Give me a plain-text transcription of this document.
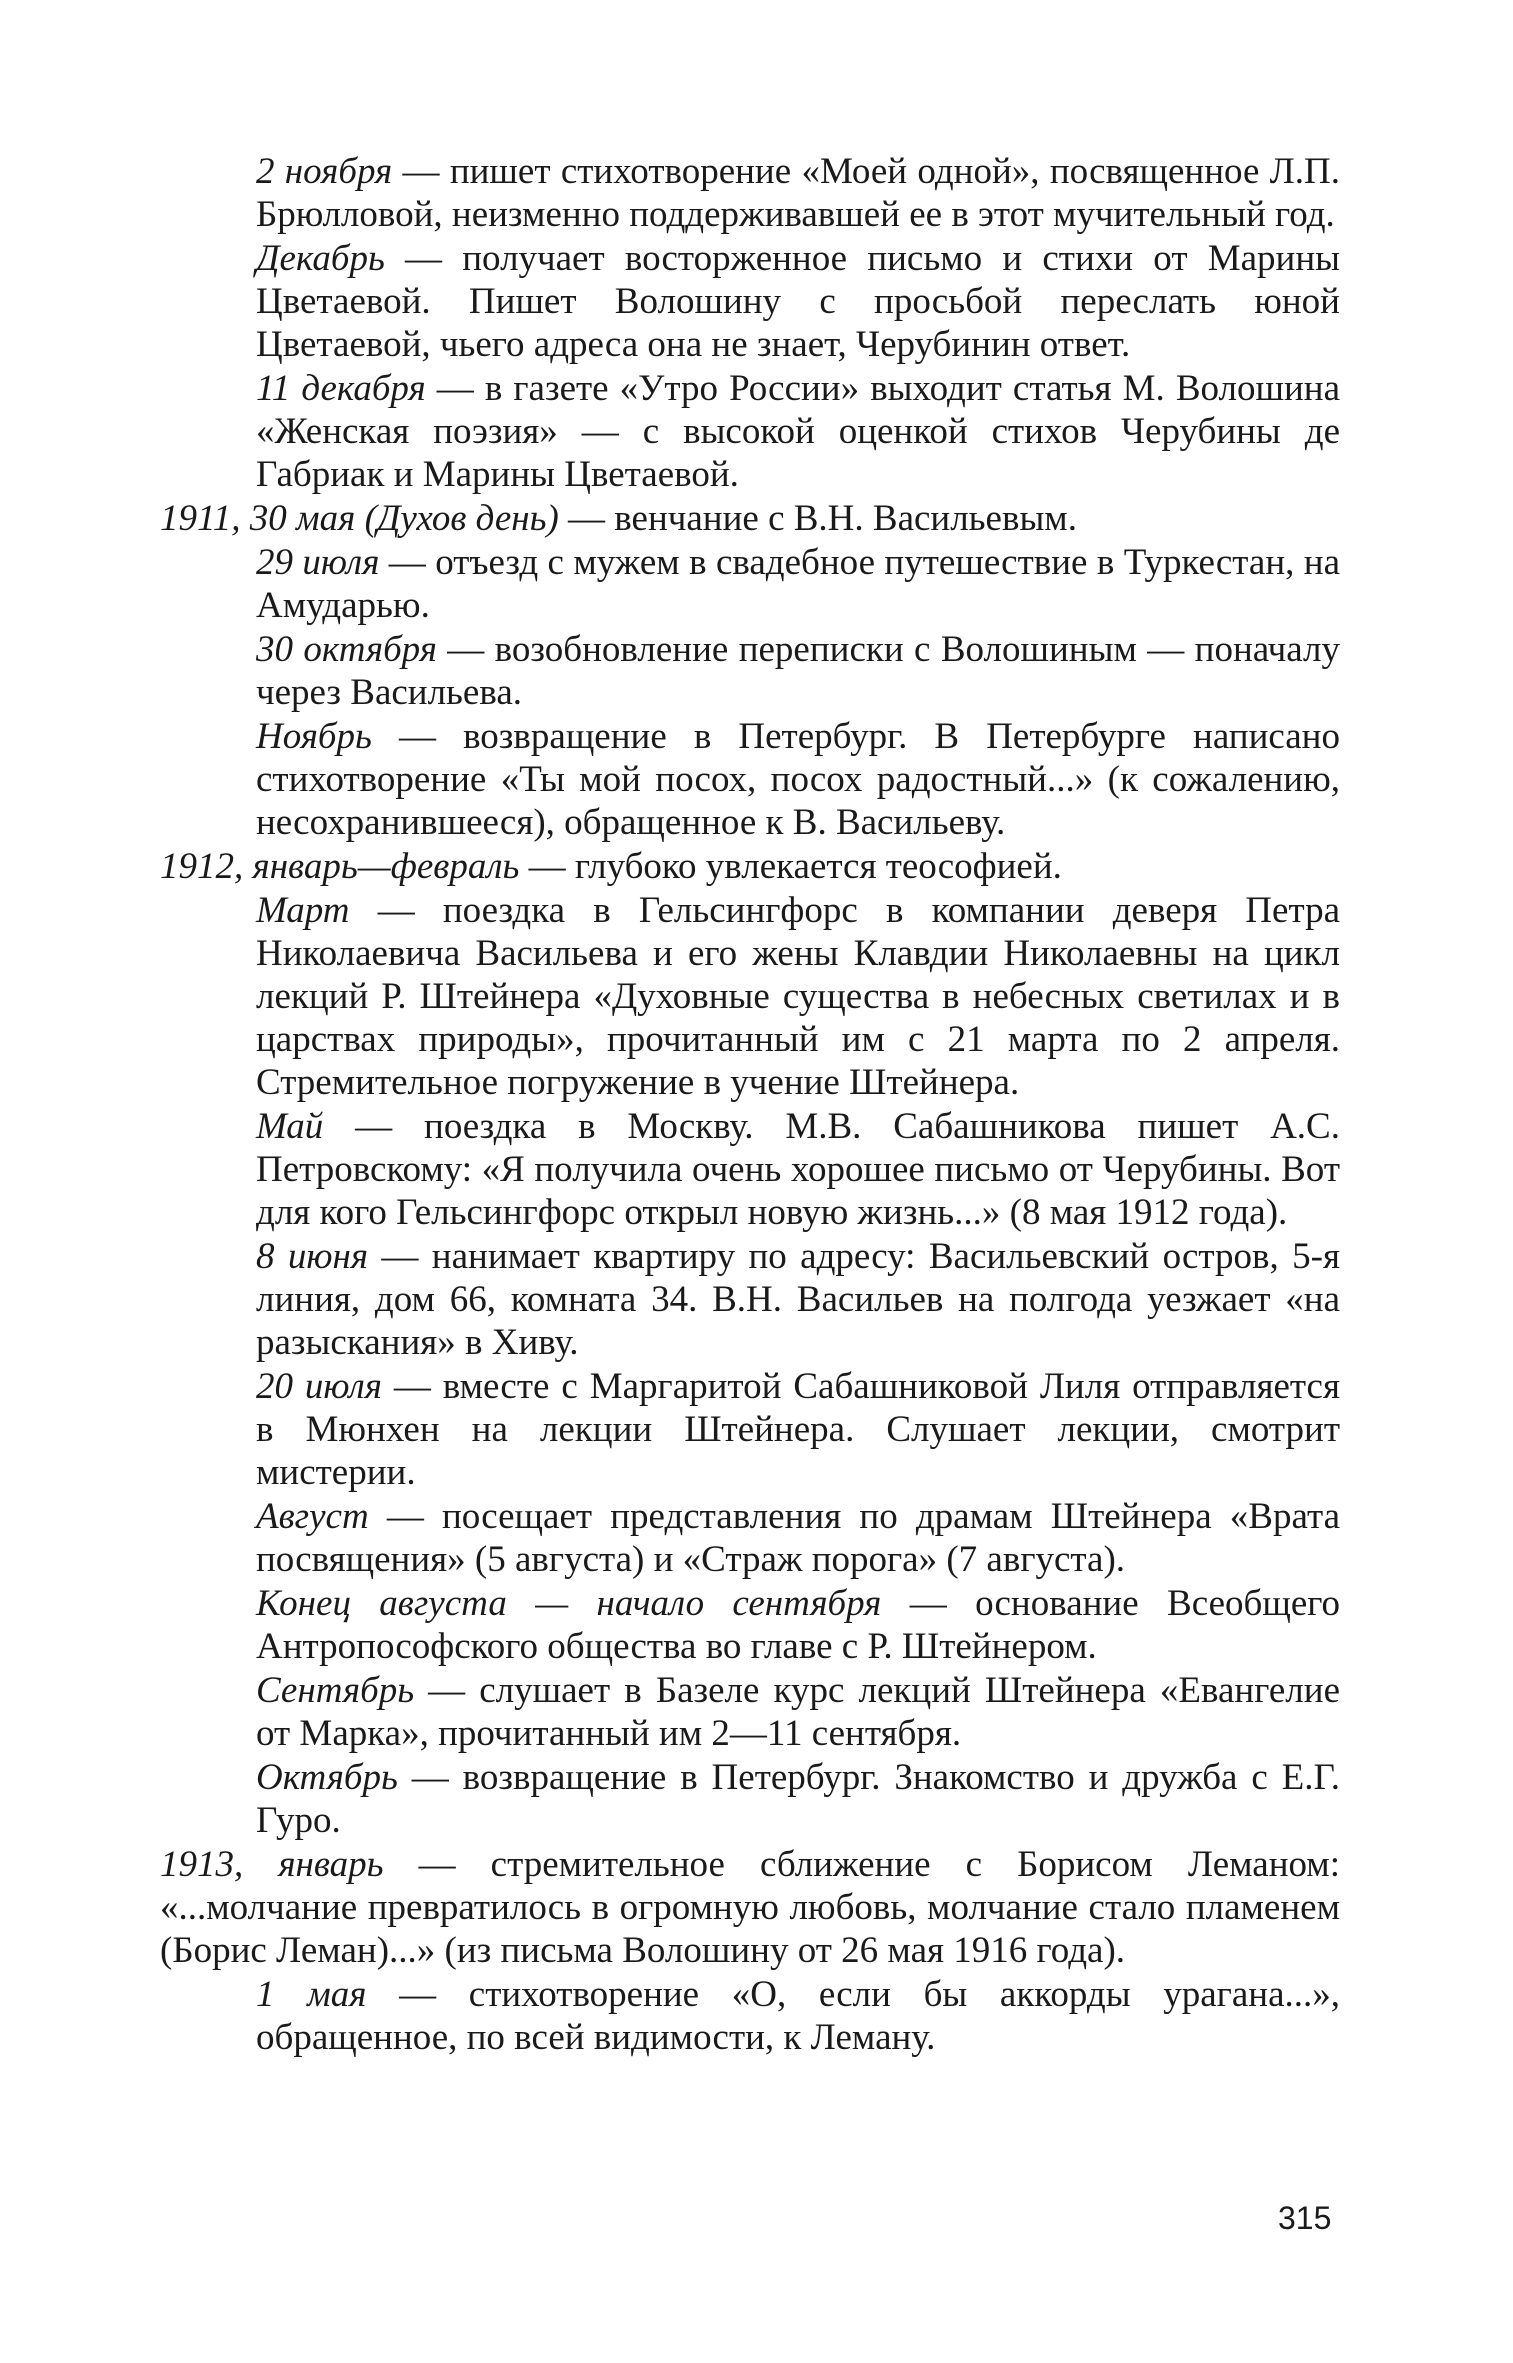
2 ноября — пишет стихотворение «Моей одной», посвященное Л.П. Брюлловой, неизменно поддерживавшей ее в этот мучительный год.

Декабрь — получает восторженное письмо и стихи от Марины Цветаевой. Пишет Волошину с просьбой переслать юной Цветаевой, чьего адреса она не знает, Черубинин ответ.

11 декабря — в газете «Утро России» выходит статья М. Волошина «Женская поэзия» — с высокой оценкой стихов Черубины де Габриак и Марины Цветаевой.

1911, 30 мая (Духов день) — венчание с В.Н. Васильевым.

29 июля — отъезд с мужем в свадебное путешествие в Туркестан, на Амударью.

30 октября — возобновление переписки с Волошиным — поначалу через Васильева.

Ноябрь — возвращение в Петербург. В Петербурге написано стихотворение «Ты мой посох, посох радостный...» (к сожалению, несохранившееся), обращенное к В. Васильеву.

1912, январь—февраль — глубоко увлекается теософией.

Март — поездка в Гельсингфорс в компании деверя Петра Николаевича Васильева и его жены Клавдии Николаевны на цикл лекций Р. Штейнера «Духовные существа в небесных светилах и в царствах природы», прочитанный им с 21 марта по 2 апреля. Стремительное погружение в учение Штейнера.

Май — поездка в Москву. М.В. Сабашникова пишет А.С. Петровскому: «Я получила очень хорошее письмо от Черубины. Вот для кого Гельсингфорс открыл новую жизнь...» (8 мая 1912 года).

8 июня — нанимает квартиру по адресу: Васильевский остров, 5-я линия, дом 66, комната 34. В.Н. Васильев на полгода уезжает «на разыскания» в Хиву.

20 июля — вместе с Маргаритой Сабашниковой Лиля отправляется в Мюнхен на лекции Штейнера. Слушает лекции, смотрит мистерии.

Август — посещает представления по драмам Штейнера «Врата посвящения» (5 августа) и «Страж порога» (7 августа).

Конец августа — начало сентября — основание Всеобщего Антропософского общества во главе с Р. Штейнером.

Сентябрь — слушает в Базеле курс лекций Штейнера «Евангелие от Марка», прочитанный им 2—11 сентября.

Октябрь — возвращение в Петербург. Знакомство и дружба с Е.Г. Гуро.

1913, январь — стремительное сближение с Борисом Леманом: «...молчание превратилось в огромную любовь, молчание стало пламенем (Борис Леман)...» (из письма Волошину от 26 мая 1916 года).

1 мая — стихотворение «О, если бы аккорды урагана...», обращенное, по всей видимости, к Леману.

315
